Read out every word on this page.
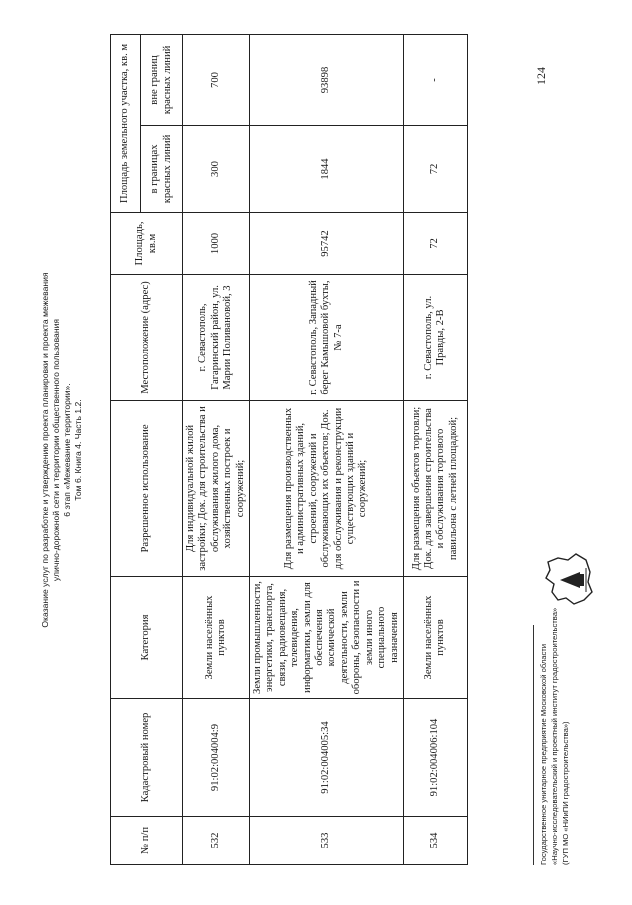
Оказание услуг по разработке и утверждению проекта планировки и проекта межевания улично-дорожной сети и территории общественного пользования 6 этап «Межевание территории». Том 6. Книга 4. Часть 1.2.
№ п/п	Кадастровый номер	Категория	Разрешенное использование	Местоположение (адрес)	Площадь, кв.м	Площадь земельного участка, кв. м	
						в границах красных линий	вне границ красных линий
532	91:02:004004:9	Земли населённых пунктов	Для индивидуальной жилой застройки; Док. для строительства и обслуживания жилого дома, хозяйственных построек и сооружений;	г. Севастополь, Гагаринский район, ул. Марии Поливановой, 3	1000	300	700
533	91:02:004005:34	Земли промышленности, энергетики, транспорта, связи, радиовещания, телевидения, информатики, земли для обеспечения космической деятельности, земли обороны, безопасности и земли иного специального назначения	Для размещения производственных и административных зданий, строений, сооружений и обслуживающих их объектов; Док. для обслуживания и реконструкции существующих зданий и сооружений;	г. Севастополь, Западный берег Камышовой бухты, № 7-а	95742	1844	93898
534	91:02:004006:104	Земли населённых пунктов	Для размещения объектов торговли; Док. для завершения строительства и обслуживания торгового павильона с летней площадкой;	г. Севастополь, ул. Правды, 2-В	72	72	-
Государственное унитарное предприятие Московской области «Научно-исследовательский и проектный институт градостроительства» (ГУП МО «НИиПИ градостроительства»)
124
